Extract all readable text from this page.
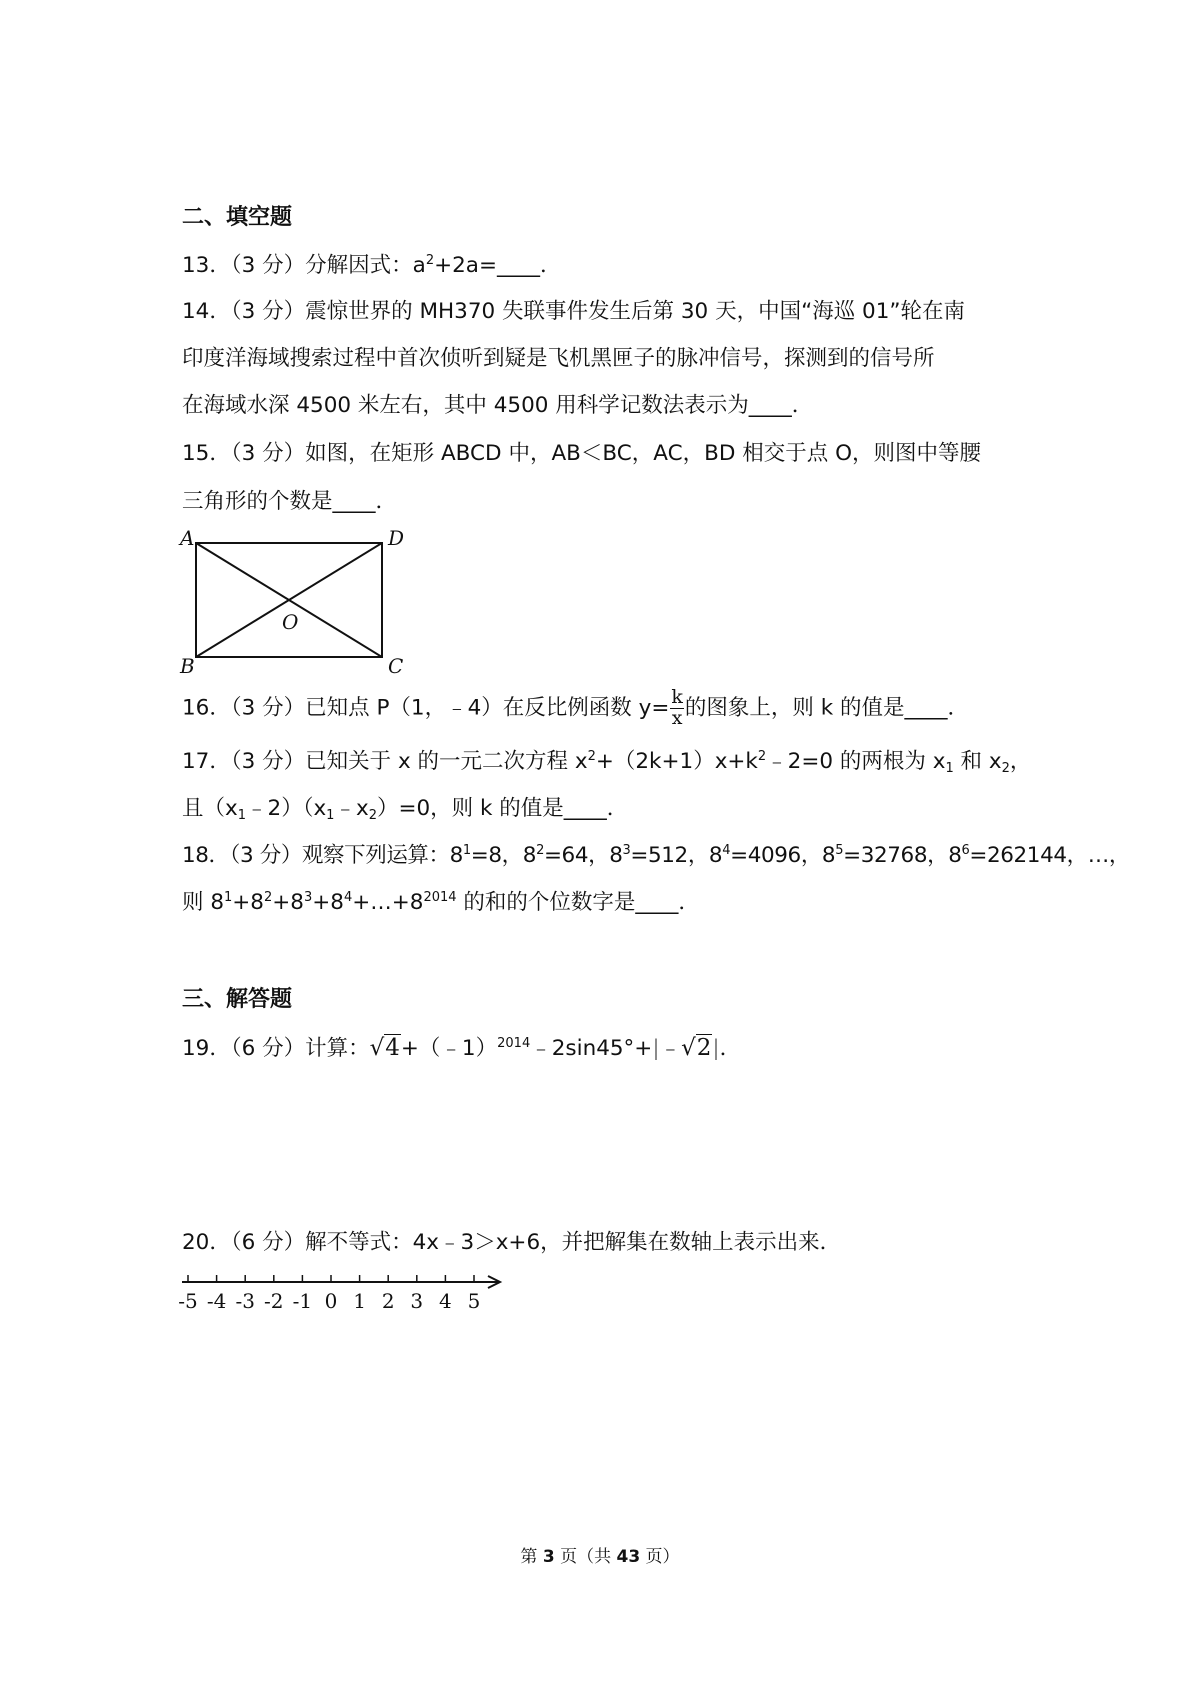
二、填空题
13．（3 分）分解因式：$a^2+2a=\_\_\_\_$．
14．（3 分）震惊世界的 MH370 失联事件发生后第 30 天，中国“海巡 01”轮在南
印度洋海域搜索过程中首次侦听到疑是飞机黑匣子的脉冲信号，探测到的信号所
在海域水深 4500 米左右，其中 4500 用科学记数法表示为____．
15．（3 分）如图，在矩形 ABCD 中，AB＜BC，AC，BD 相交于点 O，则图中等腰
三角形的个数是____．
A	D
B	C
O
16．（3 分）已知点 P（1，﹣4）在反比例函数 $y= \frac{k}{x}$ 的图象上，则 k 的值是____．
17．（3 分）已知关于 x 的一元二次方程 $x^2+(2k+1)x+k^2﹣2=0$ 的两根为 $x_1$ 和 $x_2$，
且$(x_1﹣2)(x_1﹣x_2)=0$，则 k 的值是____．
18．（3 分）观察下列运算：$8^1=8$，$8^2=64$，$8^3=512$，$8^4=4096$，$8^5=32768$，$8^6=262144$，…，
则 $8^1+8^2+8^3+8^4+\dots+8^{2014}$ 的和的个位数字是____．
三、解答题
19．（6 分）计算：√4+（﹣1）$^{2014}$﹣2sin45°+|﹣√2|．
20．（6 分）解不等式：4x﹣3＞x+6，并把解集在数轴上表示出来．
-5 -4 -3 -2 -1 0 1 2 3 4 5
第 3 页（共 43 页）
